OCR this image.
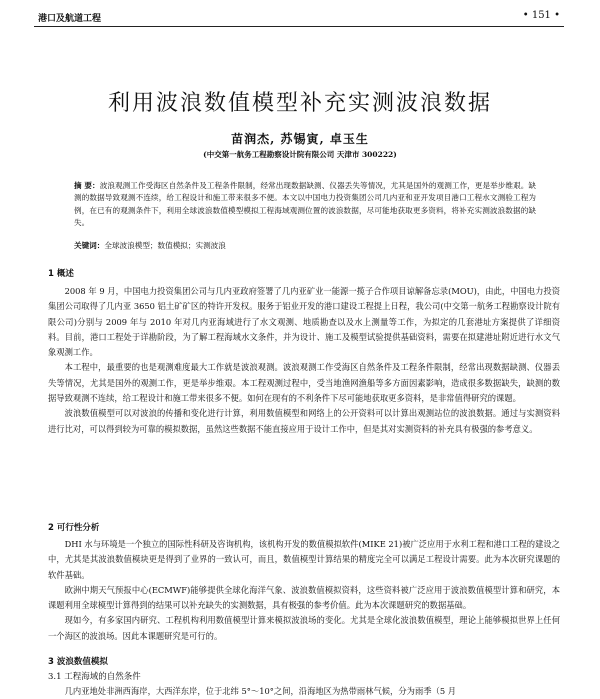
港口及航道工程	• 151 •
利用波浪数值模型补充实测波浪数据
苗润杰, 苏锡寅, 卓玉生
(中交第一航务工程勘察设计院有限公司 天津市 300222)
摘 要：波浪观测工作受海区自然条件及工程条件限制，经常出现数据缺测、仪器丢失等情况，尤其是国外的观测工作，更是举步维艰。缺测的数据导致观测不连续，给工程设计和施工带来很多不便。本文以中国电力投资集团公司几内亚和亚开发项目港口工程水文测验工程为例，在已有的观测条件下，利用全球波浪数值模型模拟工程海域观测位置的波浪数据，尽可能地获取更多资料，将补充实测波浪数据的缺失。
关键词：全球波浪模型；数值模拟；实测波浪
1 概述

2008 年 9 月，中国电力投资集团公司与几内亚政府签署了几内亚矿业一能源一揽子合作项目谅解备忘录(MOU)，由此，中国电力投资集团公司取得了几内亚 3650 铝土矿矿区的特许开发权。服务于铝业开发的港口建设工程提上日程，我公司(中交第一航务工程勘察设计院有限公司)分别与 2009 年与 2010 年对几内亚海域进行了水文观测、地质勘查以及水上测量等工作，为拟定的几套港址方案提供了详细资料。目前，港口工程处于详勘阶段，为了解工程海域水文条件，并为设计、施工及模型试验提供基础资料，需要在拟建港址附近进行水文气象观测工作。

本工程中，最重要的也是观测难度最大工作就是波浪观测。波浪观测工作受海区自然条件及工程条件限制，经常出现数据缺测、仪器丢失等情况，尤其是国外的观测工作，更是举步维艰。本工程观测过程中，受当地渔网渔船等多方面因素影响，造成很多数据缺失，缺测的数据导致观测不连续，给工程设计和施工带来很多不便。如何在现有的不利条件下尽可能地获取更多资料，是非常值得研究的课题。

波浪数值模型可以对波浪的传播和变化进行计算，利用数值模型和网络上的公开资料可以计算出观测站位的波浪数据。通过与实测资料进行比对，可以得到较为可靠的模拟数据，虽然这些数据不能直接应用于设计工作中，但是其对实测资料的补充具有极强的参考意义。

2 可行性分析

DHI 水与环境是一个独立的国际性科研及咨询机构，该机构开发的数值模拟软件(MIKE 21)被广泛应用于水利工程和港口工程的建设之中，尤其是其波浪数值模块更是得到了业界的一致认可，而且，数值模型计算结果的精度完全可以满足工程设计需要。此为本次研究课题的软件基础。

欧洲中期天气预报中心(ECMWF)能够提供全球化海洋气象、波浪数值模拟资料，这些资料被广泛应用于波浪数值模型计算和研究，本课题利用全球模型计算得到的结果可以补充缺失的实测数据，具有极强的参考价值。此为本次课题研究的数据基础。

现如今，有多家国内研究、工程机构利用数值模型计算来模拟波浪场的变化。尤其是全球化波浪数值模型，理论上能够模拟世界上任何一个海区的波浪场。因此本课题研究是可行的。

3 波浪数值模拟
3.1 工程海域的自然条件

几内亚地处非洲西海岸，大西洋东岸，位于北纬 5°～10°之间，沿海地区为热带雨林气候，分为雨季（5 月
